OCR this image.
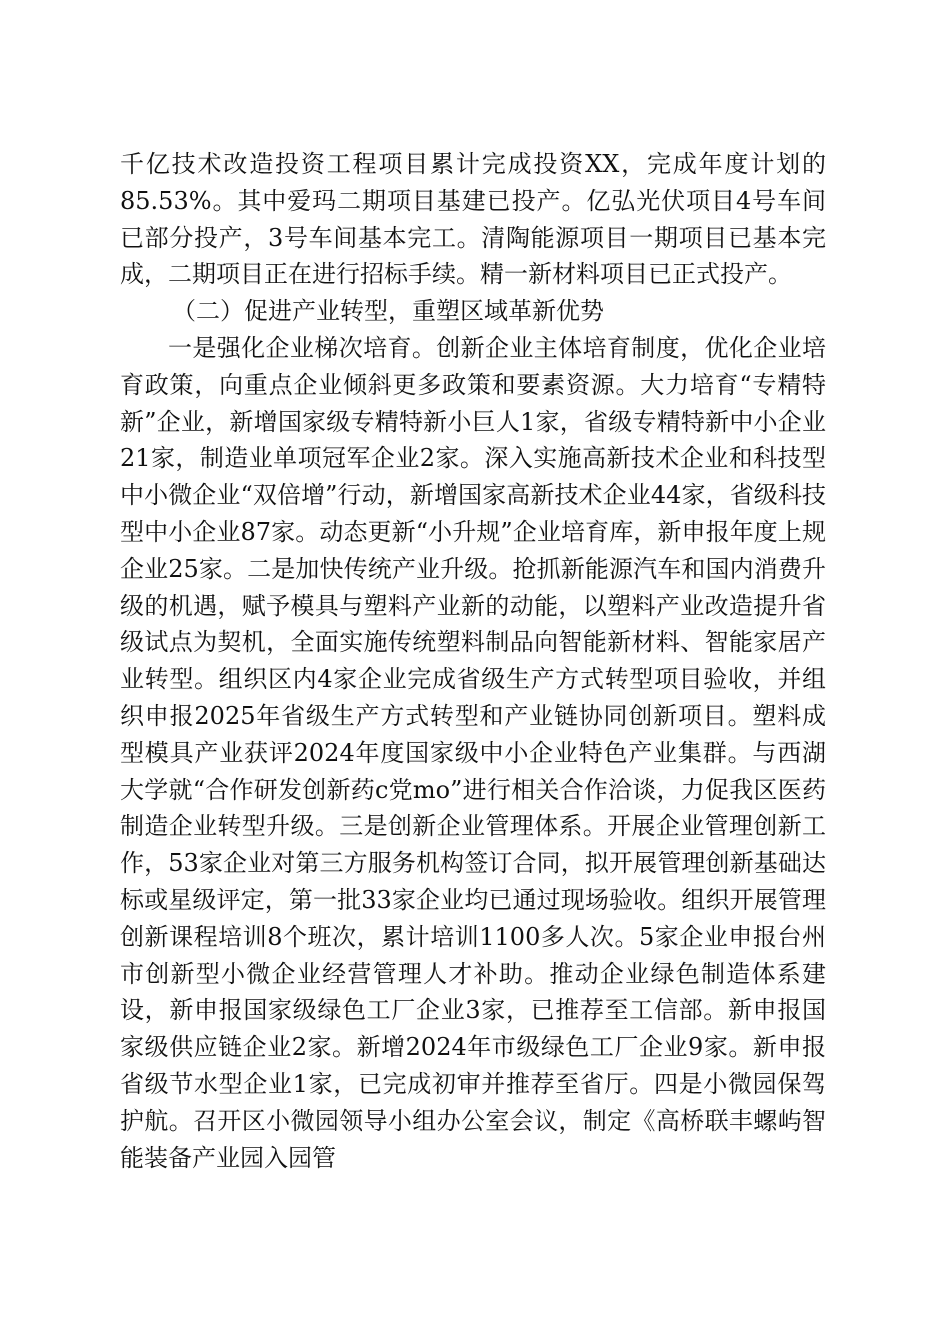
千亿技术改造投资工程项目累计完成投资XX，完成年度计划的85.53%。其中爱玛二期项目基建已投产。亿弘光伏项目4号车间已部分投产，3号车间基本完工。清陶能源项目一期项目已基本完成，二期项目正在进行招标手续。精一新材料项目已正式投产。

（二）促进产业转型，重塑区域革新优势

一是强化企业梯次培育。创新企业主体培育制度，优化企业培育政策，向重点企业倾斜更多政策和要素资源。大力培育“专精特新”企业，新增国家级专精特新小巨人1家，省级专精特新中小企业21家，制造业单项冠军企业2家。深入实施高新技术企业和科技型中小微企业“双倍增”行动，新增国家高新技术企业44家，省级科技型中小企业87家。动态更新“小升规”企业培育库，新申报年度上规企业25家。二是加快传统产业升级。抢抓新能源汽车和国内消费升级的机遇，赋予模具与塑料产业新的动能，以塑料产业改造提升省级试点为契机，全面实施传统塑料制品向智能新材料、智能家居产业转型。组织区内4家企业完成省级生产方式转型项目验收，并组织申报2025年省级生产方式转型和产业链协同创新项目。塑料成型模具产业获评2024年度国家级中小企业特色产业集群。与西湖大学就“合作研发创新药c党mo”进行相关合作洽谈，力促我区医药制造企业转型升级。三是创新企业管理体系。开展企业管理创新工作，53家企业对第三方服务机构签订合同，拟开展管理创新基础达标或星级评定，第一批33家企业均已通过现场验收。组织开展管理创新课程培训8个班次，累计培训1100多人次。5家企业申报台州市创新型小微企业经营管理人才补助。推动企业绿色制造体系建设，新申报国家级绿色工厂企业3家，已推荐至工信部。新申报国家级供应链企业2家。新增2024年市级绿色工厂企业9家。新申报省级节水型企业1家，已完成初审并推荐至省厅。四是小微园保驾护航。召开区小微园领导小组办公室会议，制定《高桥联丰螺屿智能装备产业园入园管
